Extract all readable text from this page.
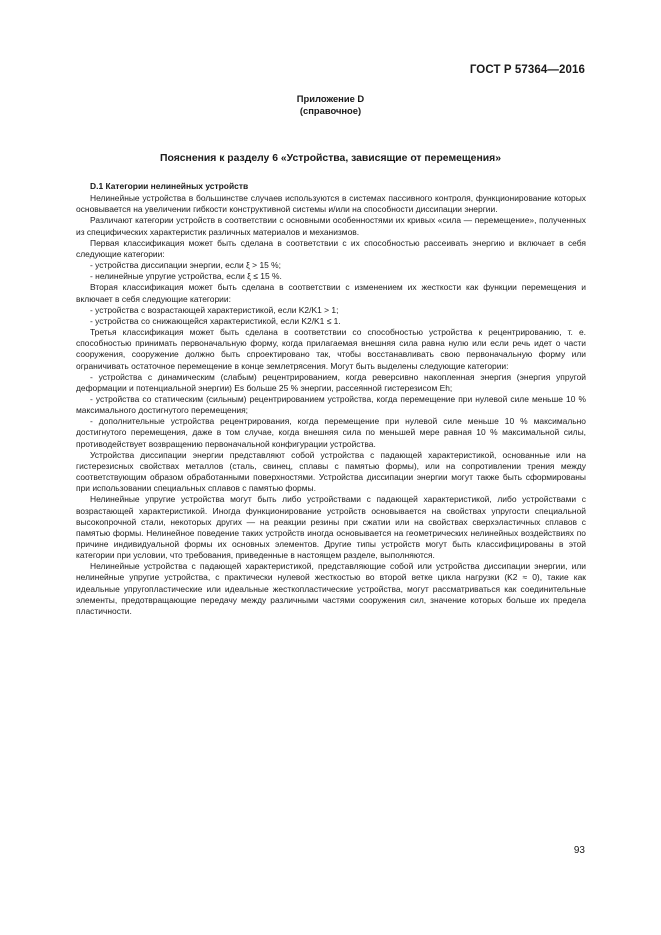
ГОСТ Р 57364—2016
Приложение D
(справочное)
Пояснения к разделу 6 «Устройства, зависящие от перемещения»

D.1 Категории нелинейных устройств

Нелинейные устройства в большинстве случаев используются в системах пассивного контроля, функционирование которых основывается на увеличении гибкости конструктивной системы и/или на способности диссипации энергии.

Различают категории устройств в соответствии с основными особенностями их кривых «сила — перемещение», полученных из специфических характеристик различных материалов и механизмов.

Первая классификация может быть сделана в соответствии с их способностью рассеивать энергию и включает в себя следующие категории:

- устройства диссипации энергии, если ξ > 15 %;

- нелинейные упругие устройства, если ξ ≤ 15 %.

Вторая классификация может быть сделана в соответствии с изменением их жесткости как функции перемещения и включает в себя следующие категории:

- устройства с возрастающей характеристикой, если K2/K1 > 1;

- устройства со снижающейся характеристикой, если K2/K1 ≤ 1.

Третья классификация может быть сделана в соответствии со способностью устройства к рецентрированию, т. е. способностью принимать первоначальную форму, когда прилагаемая внешняя сила равна нулю или если речь идет о части сооружения, сооружение должно быть спроектировано так, чтобы восстанавливать свою первоначальную форму или ограничивать остаточное перемещение в конце землетрясения. Могут быть выделены следующие категории:

- устройства с динамическим (слабым) рецентрированием, когда реверсивно накопленная энергия (энергия упругой деформации и потенциальной энергии) Es больше 25 % энергии, рассеянной гистерезисом Eh;

- устройства со статическим (сильным) рецентрированием устройства, когда перемещение при нулевой силе меньше 10 % максимального достигнутого перемещения;

- дополнительные устройства рецентрирования, когда перемещение при нулевой силе меньше 10 % максимально достигнутого перемещения, даже в том случае, когда внешняя сила по меньшей мере равная 10 % максимальной силы, противодействует возвращению первоначальной конфигурации устройства.

Устройства диссипации энергии представляют собой устройства с падающей характеристикой, основанные или на гистерезисных свойствах металлов (сталь, свинец, сплавы с памятью формы), или на сопротивлении трения между соответствующим образом обработанными поверхностями. Устройства диссипации энергии могут также быть сформированы при использовании специальных сплавов с памятью формы.

Нелинейные упругие устройства могут быть либо устройствами с падающей характеристикой, либо устройствами с возрастающей характеристикой. Иногда функционирование устройств основывается на свойствах упругости специальной высокопрочной стали, некоторых других — на реакции резины при сжатии или на свойствах сверхэластичных сплавов с памятью формы. Нелинейное поведение таких устройств иногда основывается на геометрических нелинейных воздействиях по причине индивидуальной формы их основных элементов. Другие типы устройств могут быть классифицированы в этой категории при условии, что требования, приведенные в настоящем разделе, выполняются.

Нелинейные устройства с падающей характеристикой, представляющие собой или устройства диссипации энергии, или нелинейные упругие устройства, с практически нулевой жесткостью во второй ветке цикла нагрузки (K2 ≈ 0), такие как идеальные упругопластические или идеальные жесткопластические устройства, могут рассматриваться как соединительные элементы, предотвращающие передачу между различными частями сооружения сил, значение которых больше их предела пластичности.

93
